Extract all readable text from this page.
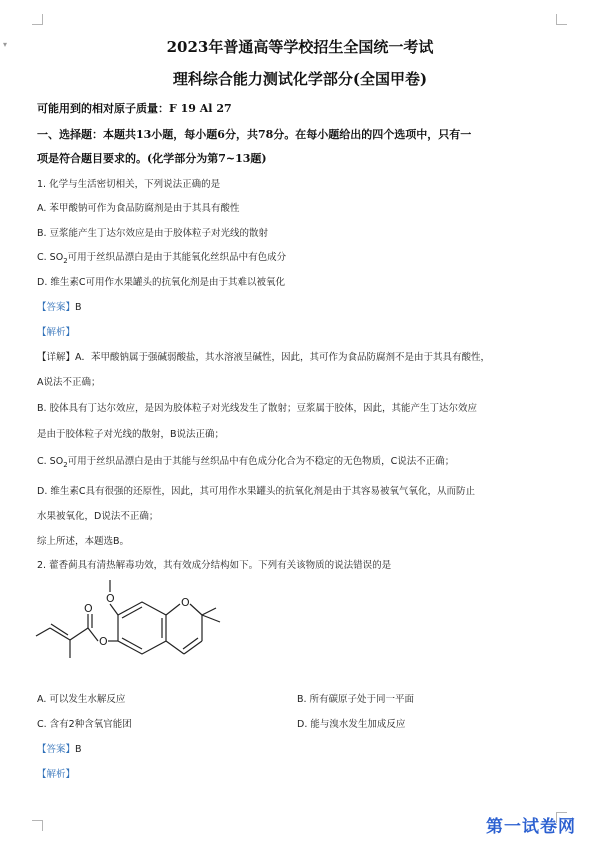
▾	2023年普通高等学校招生全国统一考试
理科综合能力测试化学部分(全国甲卷)
可能用到的相对原子质量：F 19 Al 27
一、选择题：本题共13小题，每小题6分，共78分。在每小题给出的四个选项中，只有一
项是符合题目要求的。(化学部分为第7~13题)
1. 化学与生活密切相关，下列说法正确的是
A. 苯甲酸钠可作为食品防腐剂是由于其具有酸性
B. 豆浆能产生丁达尔效应是由于胶体粒子对光线的散射
C. $SO_2$可用于丝织品漂白是由于其能氧化丝织品中有色成分
D. 维生素C可用作水果罐头的抗氧化剂是由于其难以被氧化
【答案】B
【解析】
【详解】A．苯甲酸钠属于强碱弱酸盐，其水溶液呈碱性，因此，其可作为食品防腐剂不是由于其具有酸性，
A说法不正确；
B. 胶体具有丁达尔效应，是因为胶体粒子对光线发生了散射；豆浆属于胶体，因此，其能产生丁达尔效应
是由于胶体粒子对光线的散射，B说法正确；
C. $SO_2$可用于丝织品漂白是由于其能与丝织品中有色成分化合为不稳定的无色物质，C说法不正确；
D. 维生素C具有很强的还原性，因此，其可用作水果罐头的抗氧化剂是由于其容易被氧气氧化，从而防止
水果被氧化，D说法不正确；
综上所述，本题选B。
2. 藿香蓟具有清热解毒功效，其有效成分结构如下。下列有关该物质的说法错误的是
O	O
O
O
A. 可以发生水解反应	B. 所有碳原子处于同一平面
C. 含有2种含氧官能团	D. 能与溴水发生加成反应
【答案】B
【解析】
第一试卷网
